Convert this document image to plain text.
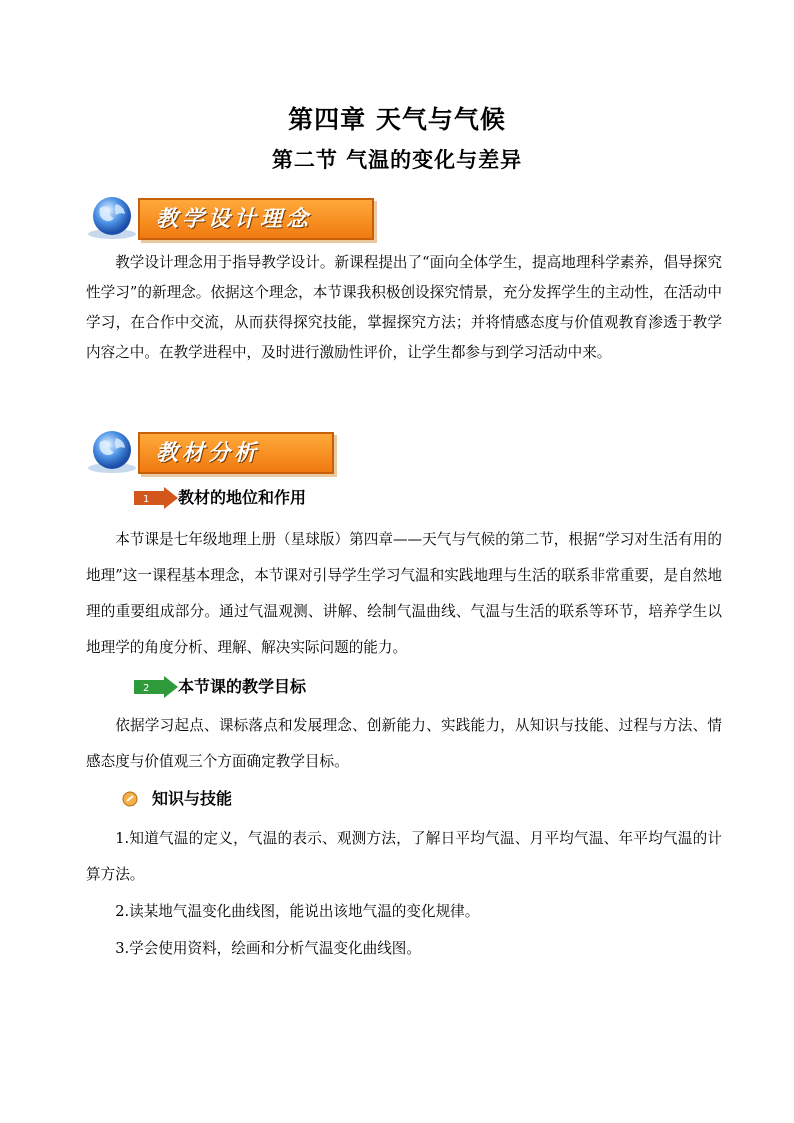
第四章 天气与气候
第二节 气温的变化与差异
教学设计理念

教学设计理念用于指导教学设计。新课程提出了“面向全体学生，提高地理科学素养，倡导探究性学习”的新理念。依据这个理念，本节课我积极创设探究情景，充分发挥学生的主动性，在活动中学习，在合作中交流，从而获得探究技能，掌握探究方法；并将情感态度与价值观教育渗透于教学内容之中。在教学进程中，及时进行激励性评价，让学生都参与到学习活动中来。

教材分析
1 教材的地位和作用

本节课是七年级地理上册（星球版）第四章——天气与气候的第二节，根据“学习对生活有用的地理”这一课程基本理念，本节课对引导学生学习气温和实践地理与生活的联系非常重要，是自然地理的重要组成部分。通过气温观测、讲解、绘制气温曲线、气温与生活的联系等环节，培养学生以地理学的角度分析、理解、解决实际问题的能力。

2 本节课的教学目标

依据学习起点、课标落点和发展理念、创新能力、实践能力，从知识与技能、过程与方法、情感态度与价值观三个方面确定教学目标。

知识与技能

1.知道气温的定义，气温的表示、观测方法，了解日平均气温、月平均气温、年平均气温的计算方法。

2.读某地气温变化曲线图，能说出该地气温的变化规律。

3.学会使用资料，绘画和分析气温变化曲线图。
